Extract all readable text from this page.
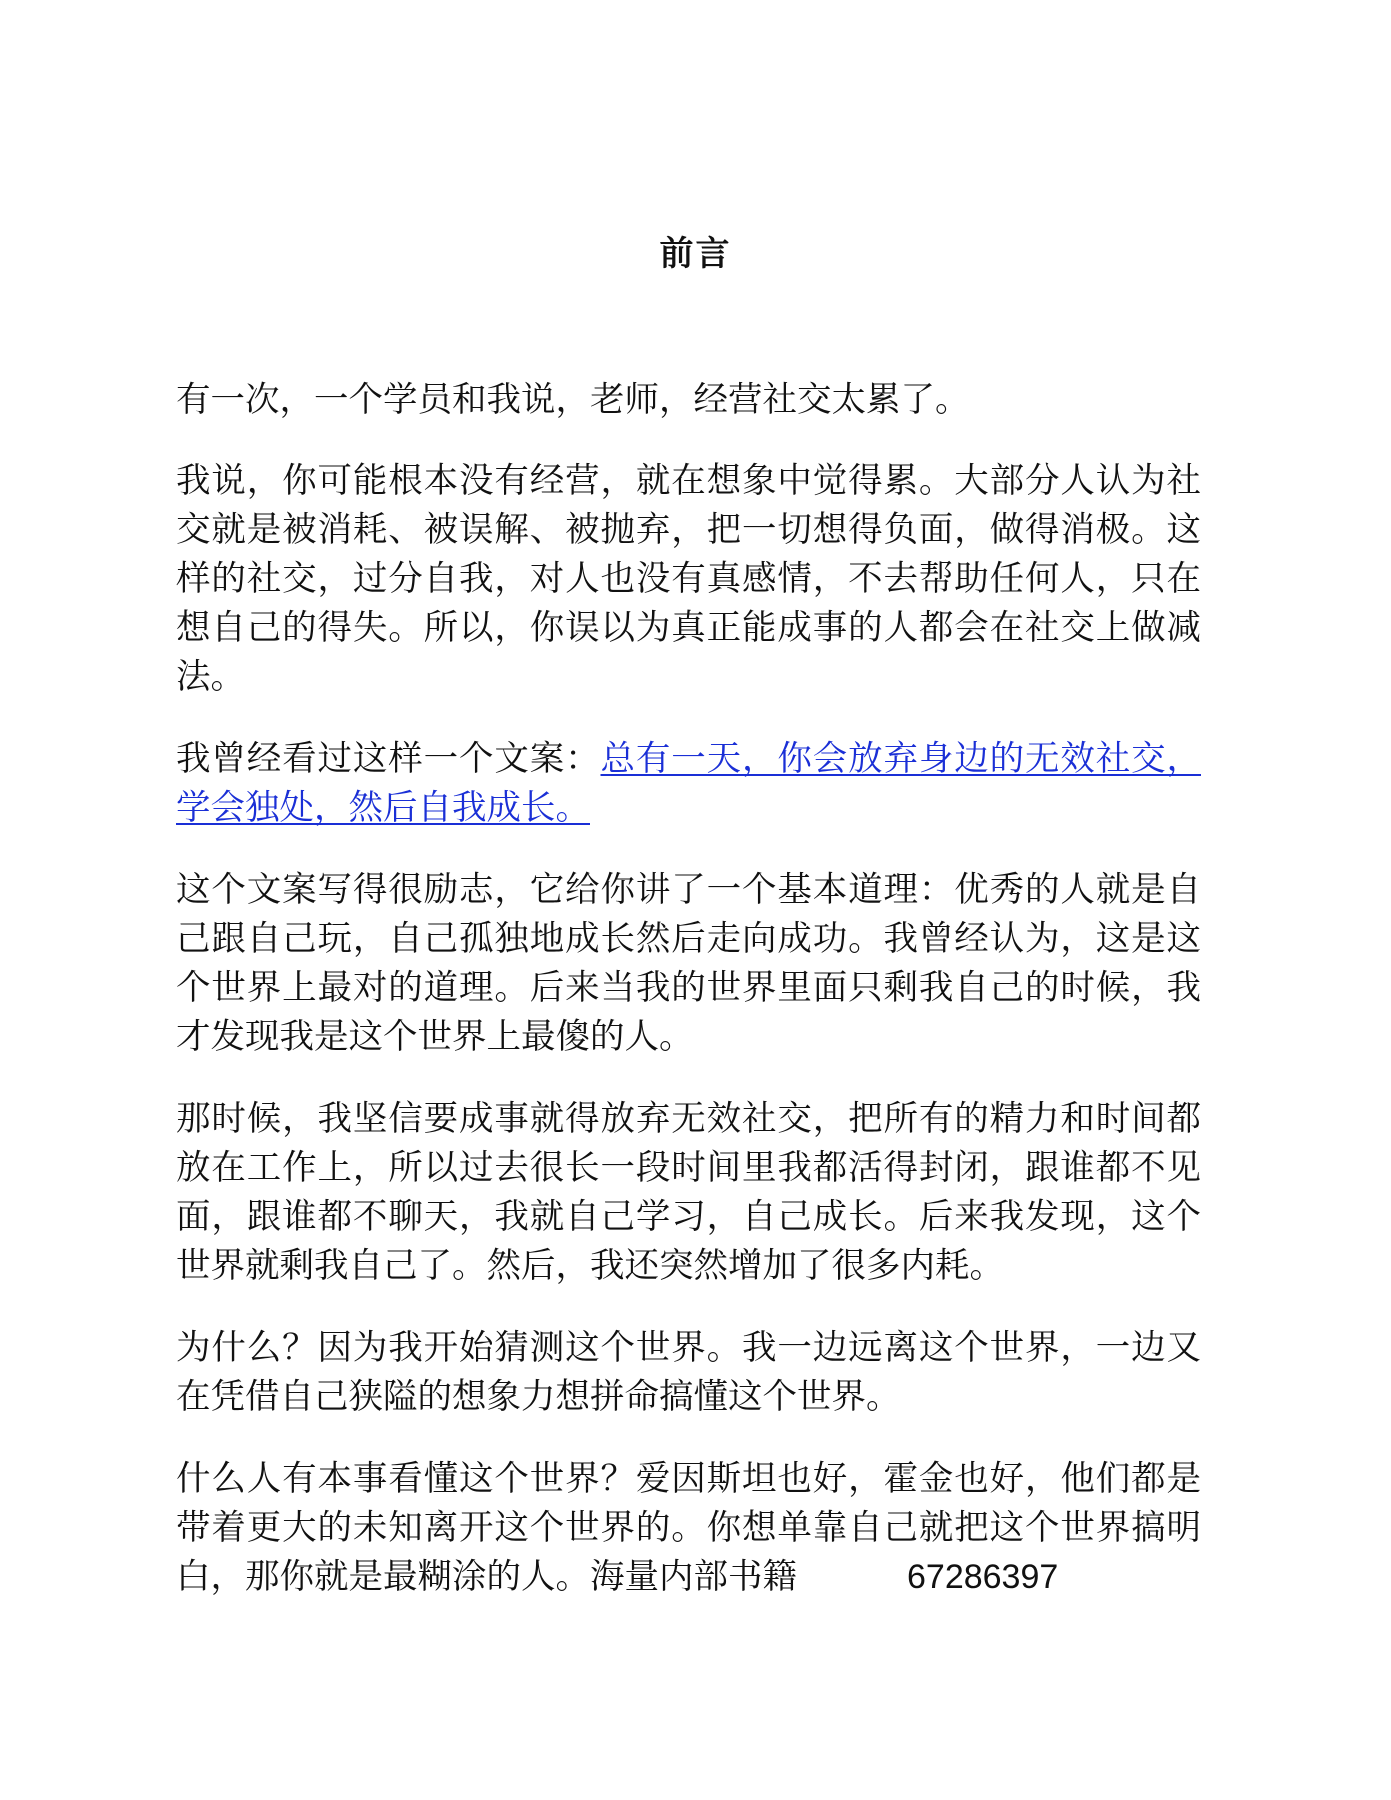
前言

有一次，一个学员和我说，老师，经营社交太累了。

我说，你可能根本没有经营，就在想象中觉得累。大部分人认为社交就是被消耗、被误解、被抛弃，把一切想得负面，做得消极。这样的社交，过分自我，对人也没有真感情，不去帮助任何人，只在想自己的得失。所以，你误以为真正能成事的人都会在社交上做减法。

我曾经看过这样一个文案：总有一天，你会放弃身边的无效社交，学会独处，然后自我成长。

这个文案写得很励志，它给你讲了一个基本道理：优秀的人就是自己跟自己玩，自己孤独地成长然后走向成功。我曾经认为，这是这个世界上最对的道理。后来当我的世界里面只剩我自己的时候，我才发现我是这个世界上最傻的人。

那时候，我坚信要成事就得放弃无效社交，把所有的精力和时间都放在工作上，所以过去很长一段时间里我都活得封闭，跟谁都不见面，跟谁都不聊天，我就自己学习，自己成长。后来我发现，这个世界就剩我自己了。然后，我还突然增加了很多内耗。

为什么？因为我开始猜测这个世界。我一边远离这个世界，一边又在凭借自己狭隘的想象力想拼命搞懂这个世界。

什么人有本事看懂这个世界？爱因斯坦也好，霍金也好，他们都是带着更大的未知离开这个世界的。你想单靠自己就把这个世界搞明白，那你就是最糊涂的人。海量内部书籍	67286397
